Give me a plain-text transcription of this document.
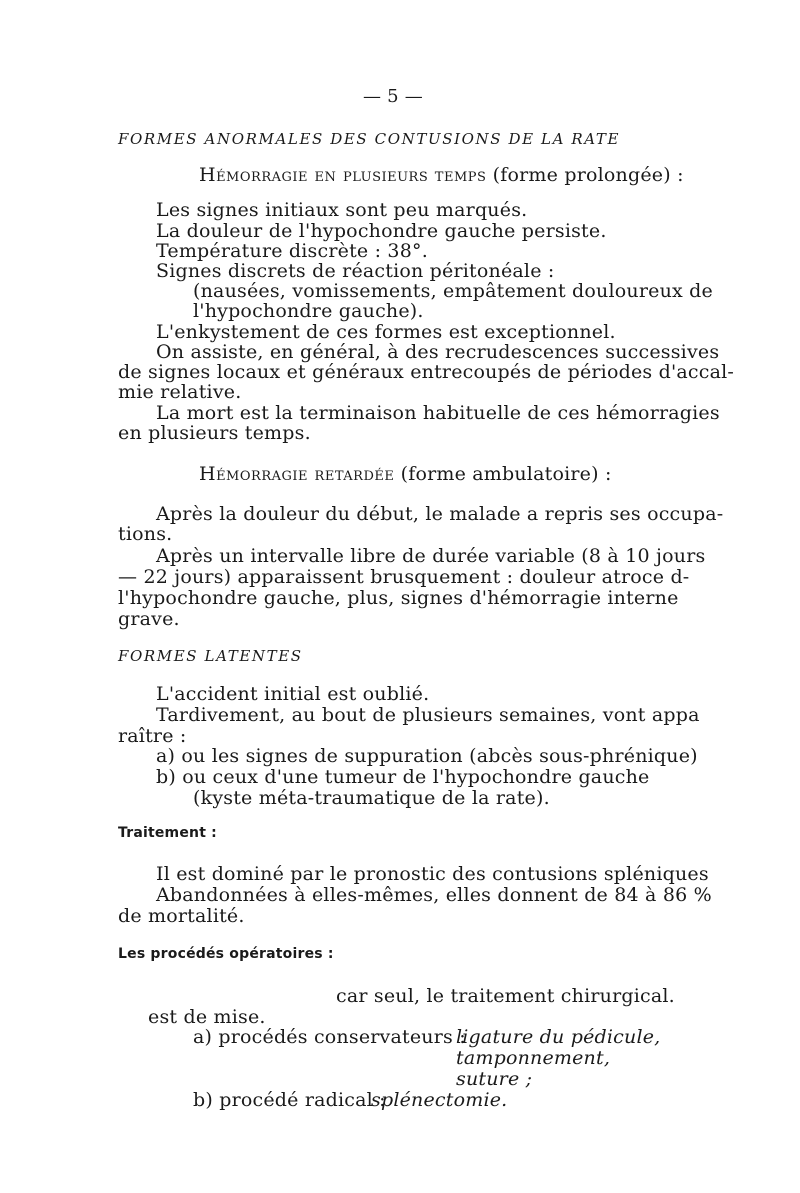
— 5 —
FORMES ANORMALES DES CONTUSIONS DE LA RATE
Hémorragie en plusieurs temps (forme prolongée) :
Les signes initiaux sont peu marqués.
La douleur de l'hypochondre gauche persiste.
Température discrète : 38°.
Signes discrets de réaction péritonéale :
(nausées, vomissements, empâtement douloureux de
l'hypochondre gauche).
L'enkystement de ces formes est exceptionnel.
On assiste, en général, à des recrudescences successives
de signes locaux et généraux entrecoupés de périodes d'accal-
mie relative.
La mort est la terminaison habituelle de ces hémorragies
en plusieurs temps.
Hémorragie retardée (forme ambulatoire) :
Après la douleur du début, le malade a repris ses occupa-
tions.
Après un intervalle libre de durée variable (8 à 10 jours
— 22 jours) apparaissent brusquement : douleur atroce d-
l'hypochondre gauche, plus, signes d'hémorragie interne
grave.
FORMES LATENTES
L'accident initial est oublié.
Tardivement, au bout de plusieurs semaines, vont appa
raître :
a) ou les signes de suppuration (abcès sous-phrénique)
b) ou ceux d'une tumeur de l'hypochondre gauche
(kyste méta-traumatique de la rate).
Traitement :
Il est dominé par le pronostic des contusions spléniques
Abandonnées à elles-mêmes, elles donnent de 84 à 86 %
de mortalité.
Les procédés opératoires :
car seul, le traitement chirurgical.
est de mise.
a) procédés conservateurs :
ligature du pédicule,
tamponnement,
suture ;
b) procédé radical :
splénectomie.
